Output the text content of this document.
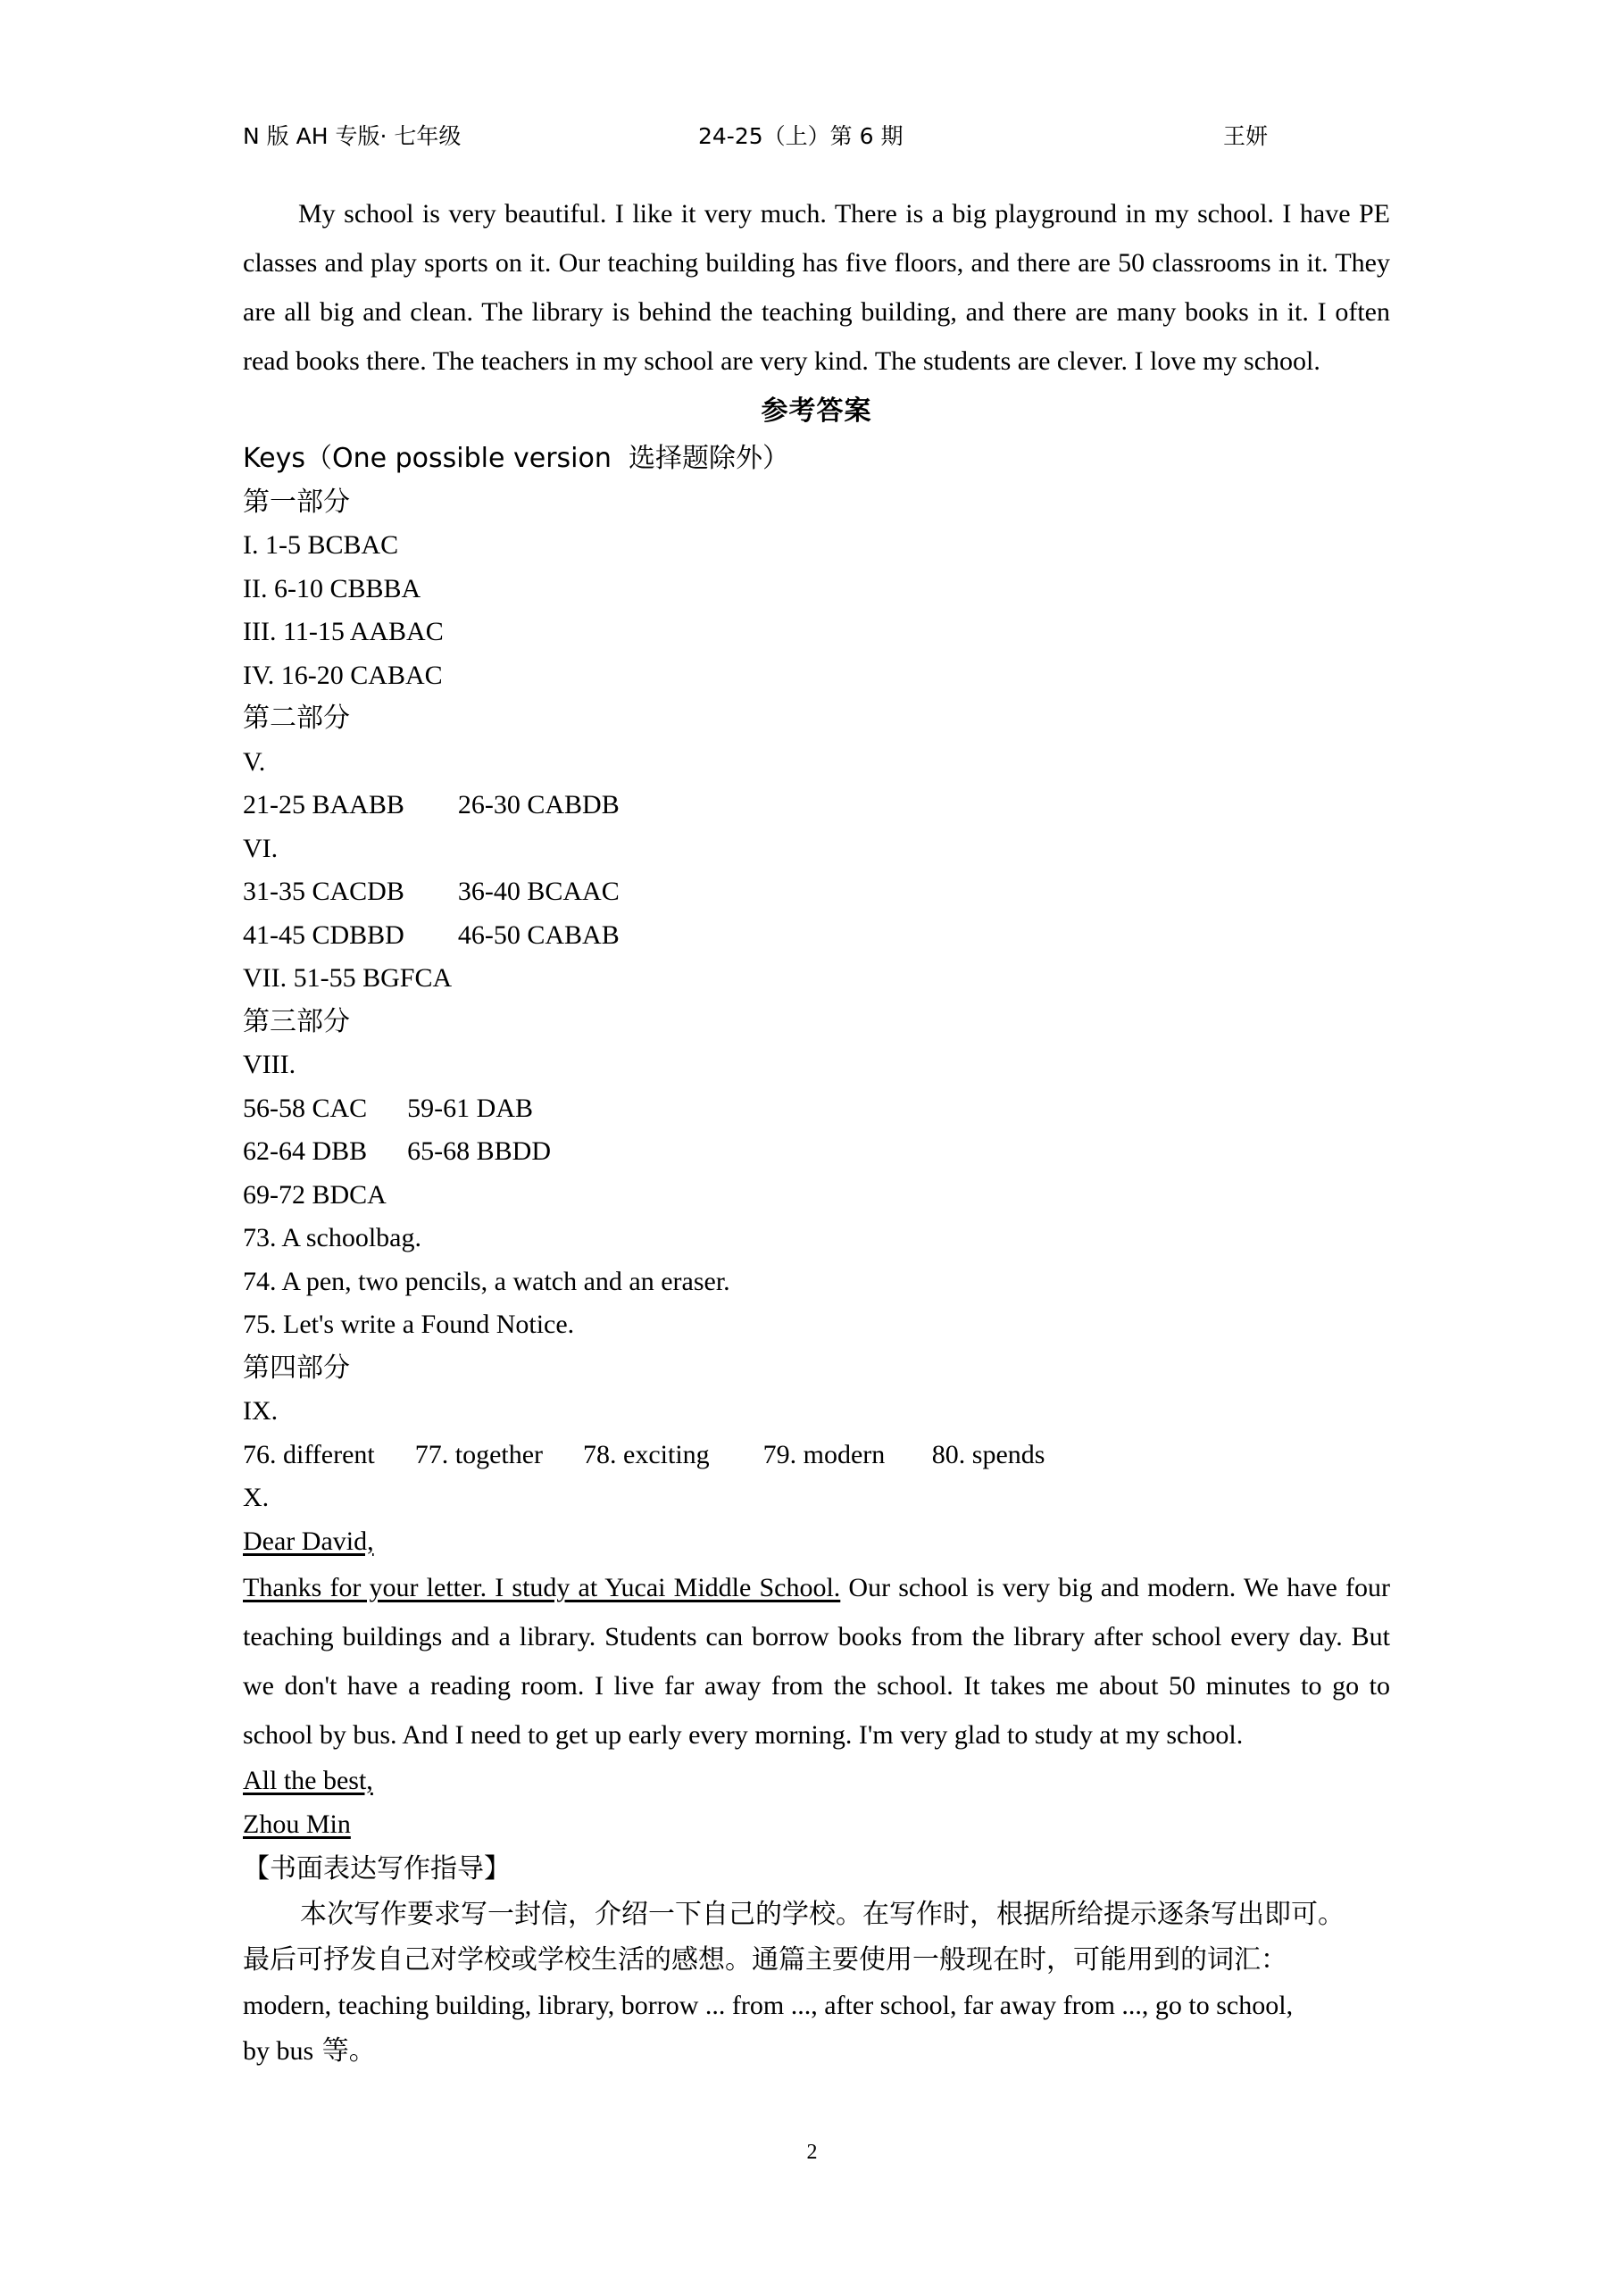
N 版 AH 专版· 七年级	24-25（上）第 6 期	王妍

My school is very beautiful. I like it very much. There is a big playground in my school. I have PE classes and play sports on it. Our teaching building has five floors, and there are 50 classrooms in it. They are all big and clean. The library is behind the teaching building, and there are many books in it. I often read books there. The teachers in my school are very kind. The students are clever. I love my school.

参考答案

Keys（One possible version  选择题除外）

第一部分

I. 1-5 BCBAC

II. 6-10 CBBBA

III. 11-15 AABAC

IV. 16-20 CABAC

第二部分

V.

21-25 BAABB        26-30 CABDB

VI.

31-35 CACDB        36-40 BCAAC

41-45 CDBBD        46-50 CABAB

VII. 51-55 BGFCA

第三部分

VIII.

56-58 CAC      59-61 DAB

62-64 DBB      65-68 BBDD

69-72 BDCA

73. A schoolbag.

74. A pen, two pencils, a watch and an eraser.

75. Let's write a Found Notice.

第四部分

IX.

76. different      77. together      78. exciting        79. modern       80. spends

X.

Dear David,

Thanks for your letter. I study at Yucai Middle School. Our school is very big and modern. We have four teaching buildings and a library. Students can borrow books from the library after school every day. But we don't have a reading room. I live far away from the school. It takes me about 50 minutes to go to school by bus. And I need to get up early every morning. I'm very glad to study at my school.

All the best,

Zhou Min

【书面表达写作指导】

本次写作要求写一封信，介绍一下自己的学校。在写作时，根据所给提示逐条写出即可。

最后可抒发自己对学校或学校生活的感想。通篇主要使用一般现在时，可能用到的词汇：

modern, teaching building, library, borrow ... from ..., after school, far away from ..., go to school,

by bus 等。

2
